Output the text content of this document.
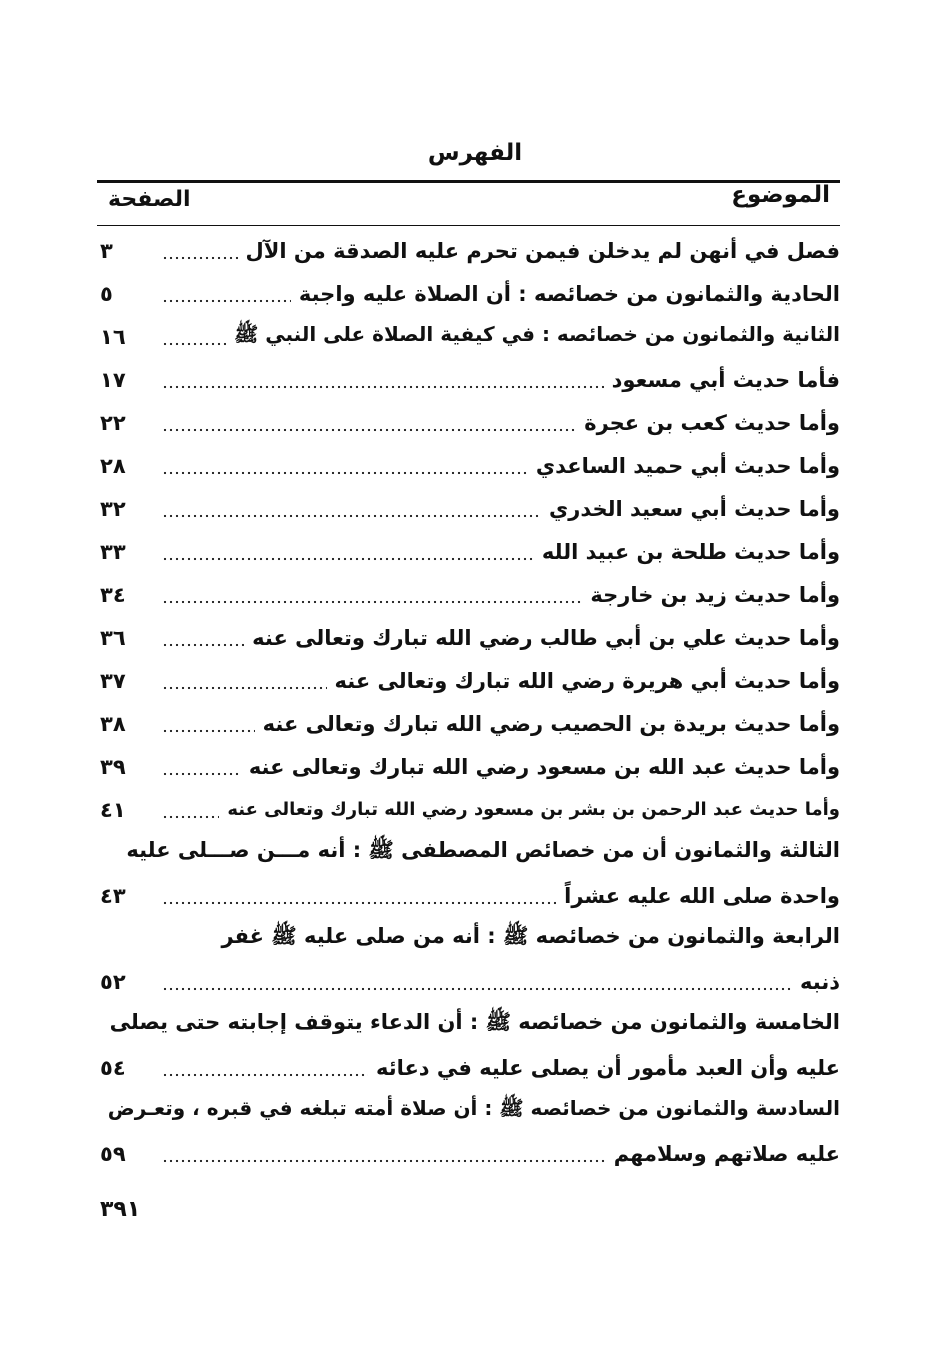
الفهرس
الموضوع
الصفحة
فصل في أنهن لم يدخلن فيمن تحرم عليه الصدقة من الآل
٣
الحادية والثمانون من خصائصه : أن الصلاة عليه واجبة
٥
الثانية والثمانون من خصائصه : في كيفية الصلاة على النبي ﷺ
١٦
فأما حديث أبي مسعود
١٧
وأما حديث كعب بن عجرة
٢٢
وأما حديث أبي حميد الساعدي
٢٨
وأما حديث أبي سعيد الخدري
٣٢
وأما حديث طلحة بن عبيد الله
٣٣
وأما حديث زيد بن خارجة
٣٤
وأما حديث علي بن أبي طالب رضي الله تبارك وتعالى عنه
٣٦
وأما حديث أبي هريرة رضي الله تبارك وتعالى عنه
٣٧
وأما حديث بريدة بن الحصيب رضي الله تبارك وتعالى عنه
٣٨
وأما حديث عبد الله بن مسعود رضي الله تبارك وتعالى عنه
٣٩
وأما حديث عبد الرحمن بن بشر بن مسعود رضي الله تبارك وتعالى عنه
٤١
الثالثة والثمانون أن من خصائص المصطفى ﷺ : أنه مـــن صـــلى عليه
واحدة صلى الله عليه عشراً
٤٣
الرابعة والثمانون من خصائصه ﷺ : أنه من صلى عليه ﷺ غفر
ذنبه
٥٢
الخامسة والثمانون من خصائصه ﷺ : أن الدعاء يتوقف إجابته حتى يصلى
عليه وأن العبد مأمور أن يصلى عليه في دعائه
٥٤
السادسة والثمانون من خصائصه ﷺ : أن صلاة أمته تبلغه في قبره ، وتعـرض
عليه صلاتهم وسلامهم
٥٩
٣٩١
